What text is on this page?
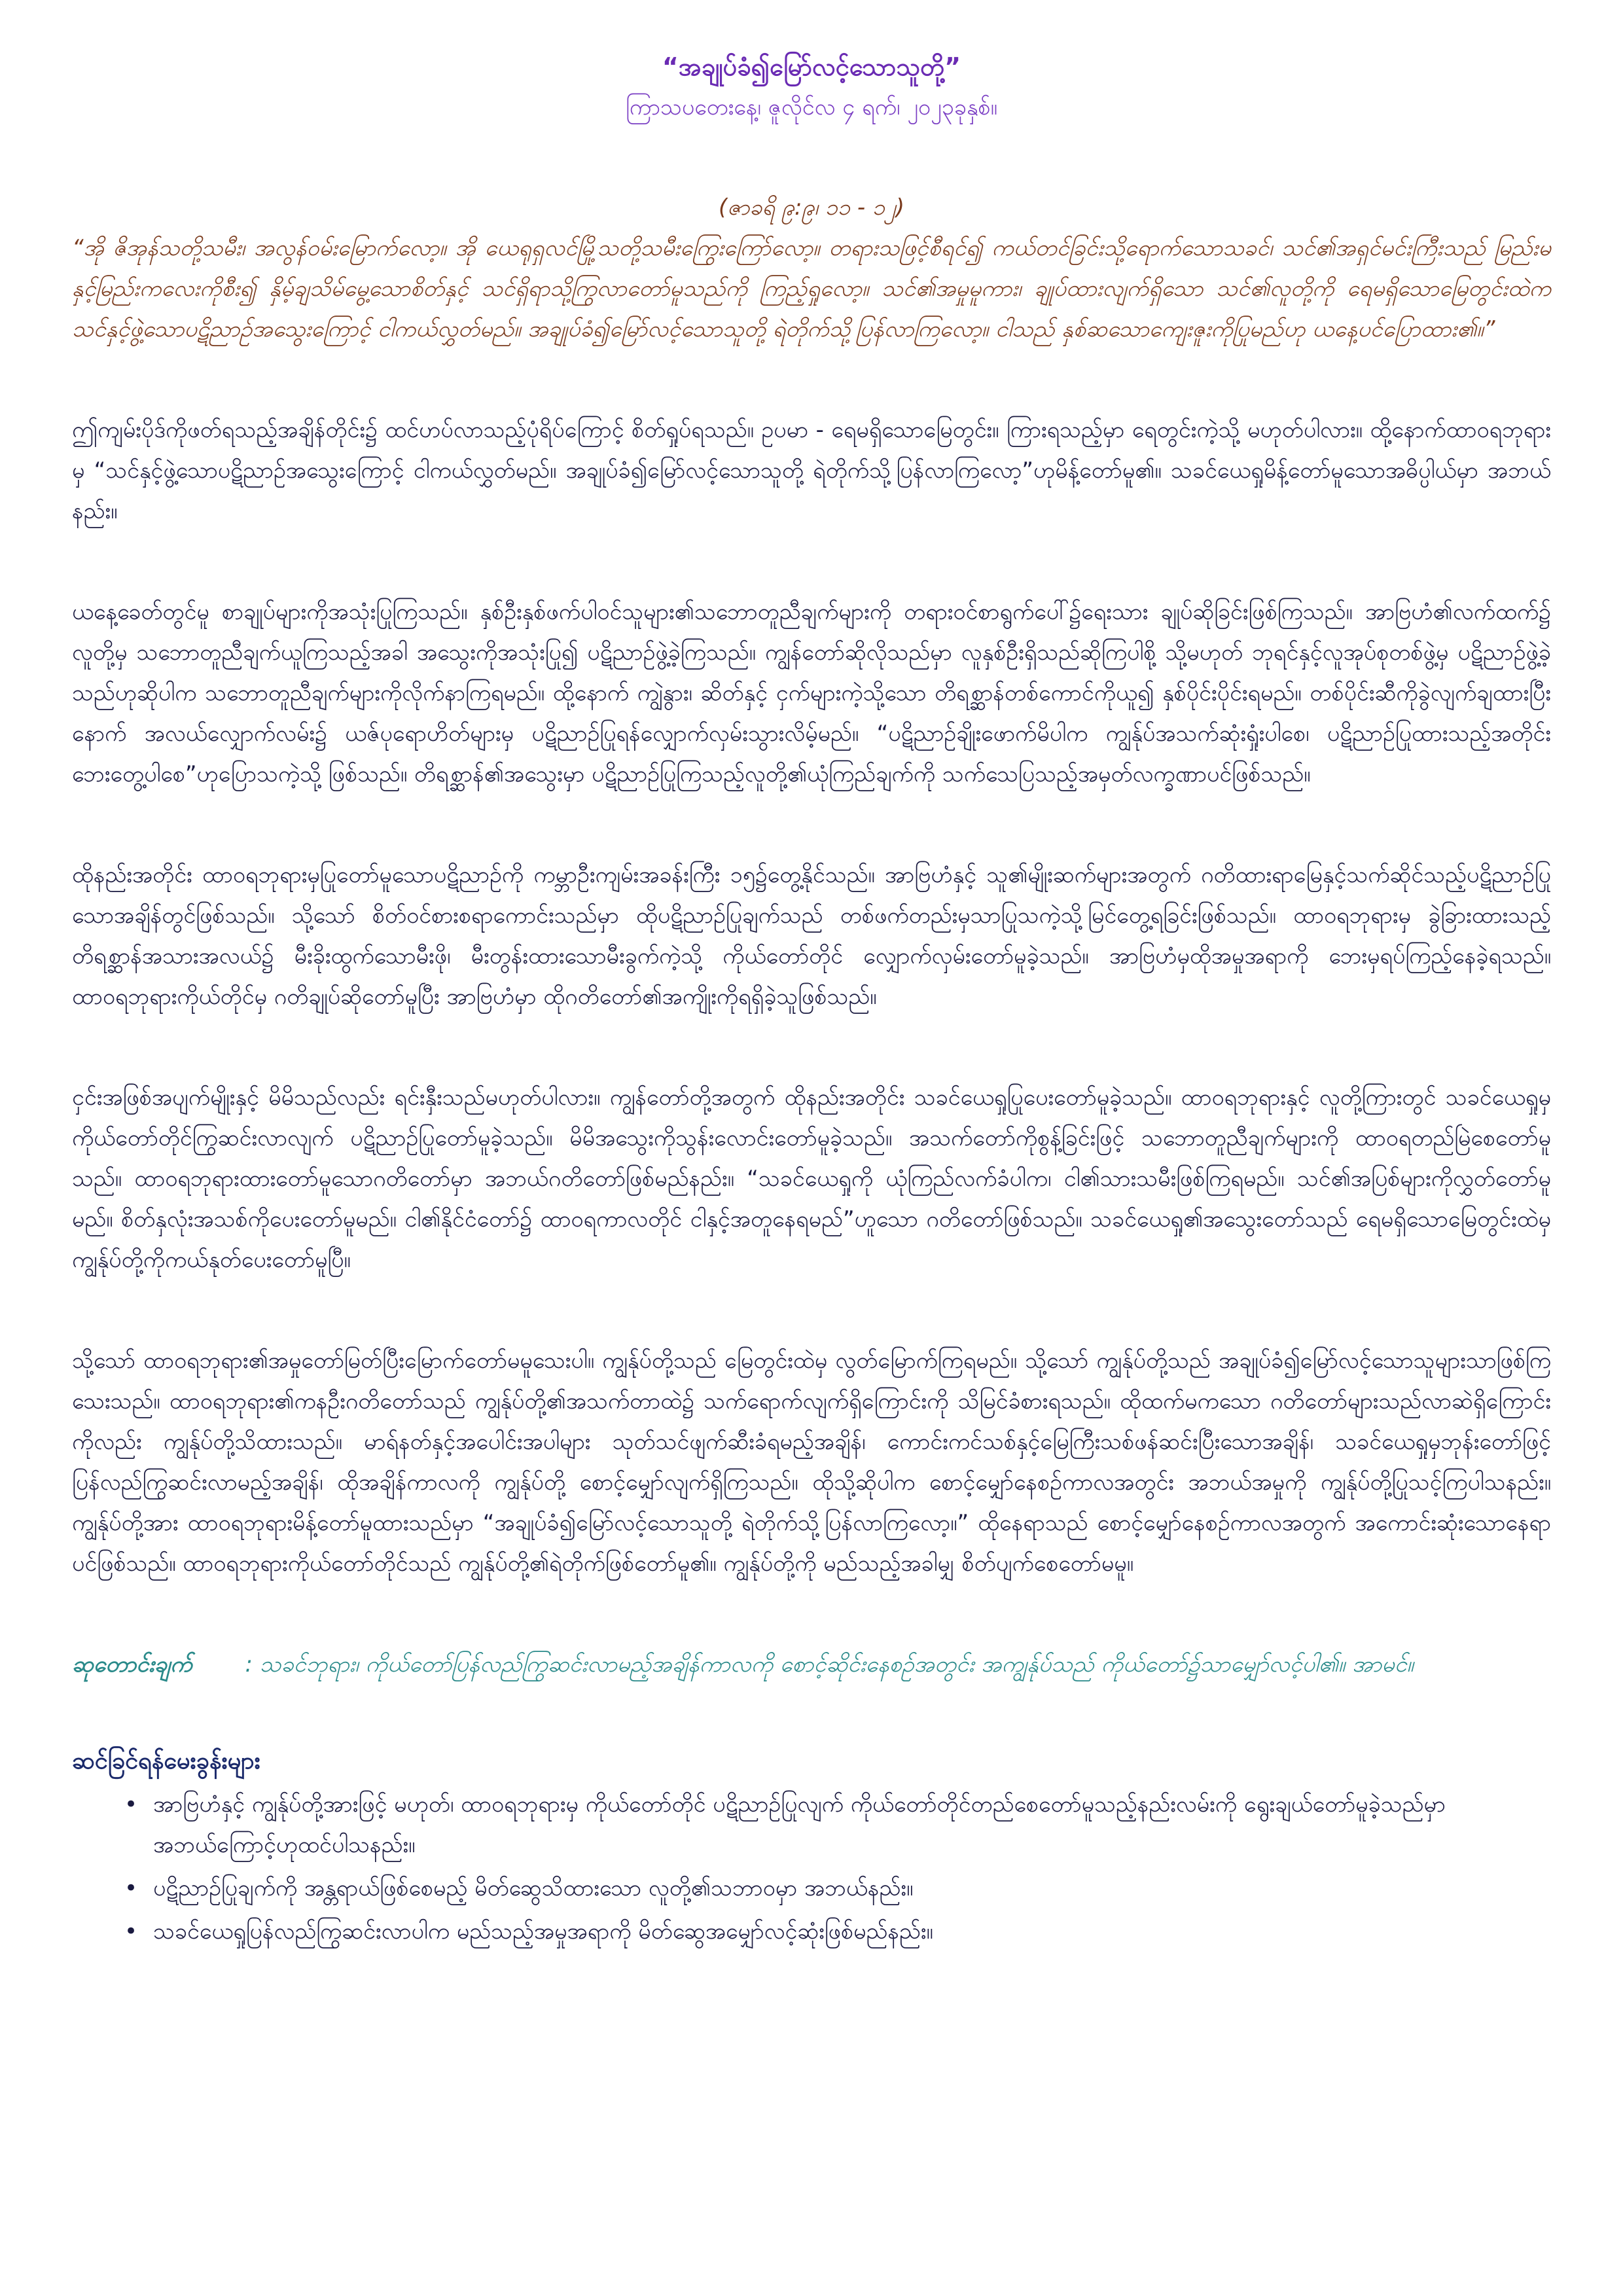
“အချုပ်ခံ၍မြော်လင့်သောသူတို့”

ကြာသပတေးနေ့၊ ဇူလိုင်လ ၄ ရက်၊ ၂၀၂၃ခုနှစ်။

(ဇာခရိ ၉:၉၊ ၁၁ - ၁၂)

“အို ဇိအုန်သတို့သမီး၊ အလွန်ဝမ်းမြောက်လော့။ အို ယေရုရှလင်မြို့သတို့သမီးကြွေးကြော်လော့။ တရားသဖြင့်စီရင်၍ ကယ်တင်ခြင်းသို့ရောက်သောသခင်၊ သင်၏အရှင်မင်းကြီးသည် မြည်းမနှင့်မြည်းကလေးကိုစီး၍ နှိမ့်ချသိမ်မွေ့သောစိတ်နှင့် သင်ရှိရာသို့ကြွလာတော်မူသည်ကို ကြည့်ရှုလော့။ သင်၏အမှုမူကား၊ ချုပ်ထားလျက်ရှိသော သင်၏လူတို့ကို ရေမရှိသောမြေတွင်းထဲက သင်နှင့်ဖွဲ့သောပဋိညာဉ်အသွေးကြောင့် ငါကယ်လွှတ်မည်။ အချုပ်ခံ၍မြော်လင့်သောသူတို့ ရဲတိုက်သို့ပြန်လာကြလော့။ ငါသည် နှစ်ဆသောကျေးဇူးကိုပြုမည်ဟု ယနေ့ပင်ပြောထား၏။”

ဤကျမ်းပိုဒ်ကိုဖတ်ရသည့်အချိန်တိုင်း၌ ထင်ဟပ်လာသည့်ပုံရိပ်ကြောင့် စိတ်ရှုပ်ရသည်။ ဥပမာ - ရေမရှိသောမြေတွင်း။ ကြားရသည့်မှာ ရေတွင်းကဲ့သို့ မဟုတ်ပါလား။ ထို့နောက်ထာဝရဘုရားမှ “သင်နှင့်ဖွဲ့သောပဋိညာဉ်အသွေးကြောင့် ငါကယ်လွှတ်မည်။ အချုပ်ခံ၍မြော်လင့်သောသူတို့ ရဲတိုက်သို့ပြန်လာကြလော့”ဟုမိန့်တော်မူ၏။ သခင်ယေရှုမိန့်တော်မူသောအဓိပ္ပါယ်မှာ အဘယ်နည်း။

ယနေ့ခေတ်တွင်မူ စာချုပ်များကိုအသုံးပြုကြသည်။ နှစ်ဦးနှစ်ဖက်ပါဝင်သူများ၏သဘောတူညီချက်များကို တရားဝင်စာရွက်ပေါ်၌ရေးသား ချုပ်ဆိုခြင်းဖြစ်ကြသည်။ အာဗြဟံ၏လက်ထက်၌ လူတို့မှ သဘောတူညီချက်ယူကြသည့်အခါ အသွေးကိုအသုံးပြု၍ ပဋိညာဉ်ဖွဲ့ခဲ့ကြသည်။ ကျွန်တော်ဆိုလိုသည်မှာ လူနှစ်ဦးရှိသည်ဆိုကြပါစို့ သို့မဟုတ် ဘုရင်နှင့်လူအုပ်စုတစ်ဖွဲ့မှ ပဋိညာဉ်ဖွဲ့ခဲ့သည်ဟုဆိုပါက သဘောတူညီချက်များကိုလိုက်နာကြရမည်။ ထို့နောက် ကျွဲနွား၊ ဆိတ်နှင့် ငှက်များကဲ့သို့သော တိရစ္ဆာန်တစ်ကောင်ကိုယူ၍ နှစ်ပိုင်းပိုင်းရမည်။ တစ်ပိုင်းဆီကိုခွဲလျက်ချထားပြီးနောက် အလယ်လျှောက်လမ်း၌ ယဇ်ပုရောဟိတ်များမှ ပဋိညာဉ်ပြုရန်လျှောက်လှမ်းသွားလိမ့်မည်။ “ပဋိညာဉ်ချိုးဖောက်မိပါက ကျွန်ုပ်အသက်ဆုံးရှုံးပါစေ၊ ပဋိညာဉ်ပြုထားသည့်အတိုင်းဘေးတွေ့ပါစေ”ဟုပြောသကဲ့သို့ ဖြစ်သည်။ တိရစ္ဆာန်၏အသွေးမှာ ပဋိညာဉ်ပြုကြသည့်လူတို့၏ယုံကြည်ချက်ကို သက်သေပြသည့်အမှတ်လက္ခဏာပင်ဖြစ်သည်။

ထိုနည်းအတိုင်း ထာဝရဘုရားမှပြုတော်မူသောပဋိညာဉ်ကို ကမ္ဘာဦးကျမ်းအခန်းကြီး ၁၅၌တွေ့နိုင်သည်။ အာဗြဟံနှင့် သူ၏မျိုးဆက်များအတွက် ဂတိထားရာမြေနှင့်သက်ဆိုင်သည့်ပဋိညာဉ်ပြုသောအချိန်တွင်ဖြစ်သည်။ သို့သော် စိတ်ဝင်စားစရာကောင်းသည်မှာ ထိုပဋိညာဉ်ပြုချက်သည် တစ်ဖက်တည်းမှသာပြုသကဲ့သို့မြင်တွေ့ရခြင်းဖြစ်သည်။ ထာဝရဘုရားမှ ခွဲခြားထားသည့်တိရစ္ဆာန်အသားအလယ်၌ မီးခိုးထွက်သောမီးဖို၊ မီးတွန်းထားသောမီးခွက်ကဲ့သို့ ကိုယ်တော်တိုင် လျှောက်လှမ်းတော်မူခဲ့သည်။ အာဗြဟံမှထိုအမှုအရာကို ဘေးမှရပ်ကြည့်နေခဲ့ရသည်။ ထာဝရဘုရားကိုယ်တိုင်မှ ဂတိချုပ်ဆိုတော်မူပြီး အာဗြဟံမှာ ထိုဂတိတော်၏အကျိုးကိုရရှိခဲ့သူဖြစ်သည်။

ငှင်းအဖြစ်အပျက်မျိုးနှင့် မိမိသည်လည်း ရင်းနှီးသည်မဟုတ်ပါလား။ ကျွန်တော်တို့အတွက် ထိုနည်းအတိုင်း သခင်ယေရှုပြုပေးတော်မူခဲ့သည်။ ထာဝရဘုရားနှင့် လူတို့ကြားတွင် သခင်ယေရှုမှကိုယ်တော်တိုင်ကြွဆင်းလာလျက် ပဋိညာဉ်ပြုတော်မူခဲ့သည်။ မိမိအသွေးကိုသွန်းလောင်းတော်မူခဲ့သည်။ အသက်တော်ကိုစွန့်ခြင်းဖြင့် သဘောတူညီချက်များကို ထာဝရတည်မြဲစေတော်မူသည်။ ထာဝရဘုရားထားတော်မူသောဂတိတော်မှာ အဘယ်ဂတိတော်ဖြစ်မည်နည်း။ “သခင်ယေရှုကို ယုံကြည်လက်ခံပါက၊ ငါ၏သားသမီးဖြစ်ကြရမည်။ သင်၏အပြစ်များကိုလွှတ်တော်မူမည်။ စိတ်နှလုံးအသစ်ကိုပေးတော်မူမည်။ ငါ၏နိုင်ငံတော်၌ ထာဝရကာလတိုင် ငါနှင့်အတူနေရမည်”ဟူသော ဂတိတော်ဖြစ်သည်။ သခင်ယေရှု၏အသွေးတော်သည် ရေမရှိသောမြေတွင်းထဲမှ ကျွန်ုပ်တို့ကိုကယ်နုတ်ပေးတော်မူပြီ။

သို့သော် ထာဝရဘုရား၏အမှုတော်မြတ်ပြီးမြောက်တော်မမူသေးပါ။ ကျွန်ုပ်တို့သည် မြေတွင်းထဲမှ လွတ်မြောက်ကြရမည်။ သို့သော် ကျွန်ုပ်တို့သည် အချုပ်ခံ၍မြော်လင့်သောသူများသာဖြစ်ကြသေးသည်။ ထာဝရဘုရား၏ကနဦးဂတိတော်သည် ကျွန်ုပ်တို့၏အသက်တာထဲ၌ သက်ရောက်လျက်ရှိကြောင်းကို သိမြင်ခံစားရသည်။ ထိုထက်မကသော ဂတိတော်များသည်လာဆဲရှိကြောင်းကိုလည်း ကျွန်ုပ်တို့သိထားသည်။ မာရ်နတ်နှင့်အပေါင်းအပါများ သုတ်သင်ဖျက်ဆီးခံရမည့်အချိန်၊ ကောင်းကင်သစ်နှင့်မြေကြီးသစ်ဖန်ဆင်းပြီးသောအချိန်၊ သခင်ယေရှုမှဘုန်းတော်ဖြင့် ပြန်လည်ကြွဆင်းလာမည့်အချိန်၊ ထိုအချိန်ကာလကို ကျွန်ုပ်တို့ စောင့်မျှော်လျက်ရှိကြသည်။ ထိုသို့ဆိုပါက စောင့်မျှော်နေစဉ်ကာလအတွင်း အဘယ်အမှုကို ကျွန်ုပ်တို့ပြုသင့်ကြပါသနည်း။ ကျွန်ုပ်တို့အား ထာဝရဘုရားမိန့်တော်မူထားသည်မှာ “အချုပ်ခံ၍မြော်လင့်သောသူတို့ ရဲတိုက်သို့ပြန်လာကြလော့။” ထိုနေရာသည် စောင့်မျှော်နေစဉ်ကာလအတွက် အကောင်းဆုံးသောနေရာပင်ဖြစ်သည်။ ထာဝရဘုရားကိုယ်တော်တိုင်သည် ကျွန်ုပ်တို့၏ရဲတိုက်ဖြစ်တော်မူ၏။ ကျွန်ုပ်တို့ကို မည်သည့်အခါမျှ စိတ်ပျက်စေတော်မမူ။

ဆုတောင်းချက် : သခင်ဘုရား၊ ကိုယ်တော်ပြန်လည်ကြွဆင်းလာမည့်အချိန်ကာလကို စောင့်ဆိုင်းနေစဉ်အတွင်း အကျွန်ုပ်သည် ကိုယ်တော်၌သာမျှော်လင့်ပါ၏။ အာမင်။

ဆင်ခြင်ရန်မေးခွန်းများ

• အာဗြဟံနှင့် ကျွန်ုပ်တို့အားဖြင့် မဟုတ်၊ ထာဝရဘုရားမှ ကိုယ်တော်တိုင် ပဋိညာဉ်ပြုလျက် ကိုယ်တော်တိုင်တည်စေတော်မူသည့်နည်းလမ်းကို ရွေးချယ်တော်မူခဲ့သည်မှာ အဘယ်ကြောင့်ဟုထင်ပါသနည်း။
• ပဋိညာဉ်ပြုချက်ကို အန္တရာယ်ဖြစ်စေမည့် မိတ်ဆွေသိထားသော လူတို့၏သဘာဝမှာ အဘယ်နည်း။
• သခင်ယေရှုပြန်လည်ကြွဆင်းလာပါက မည်သည့်အမှုအရာကို မိတ်ဆွေအမျှော်လင့်ဆုံးဖြစ်မည်နည်း။
